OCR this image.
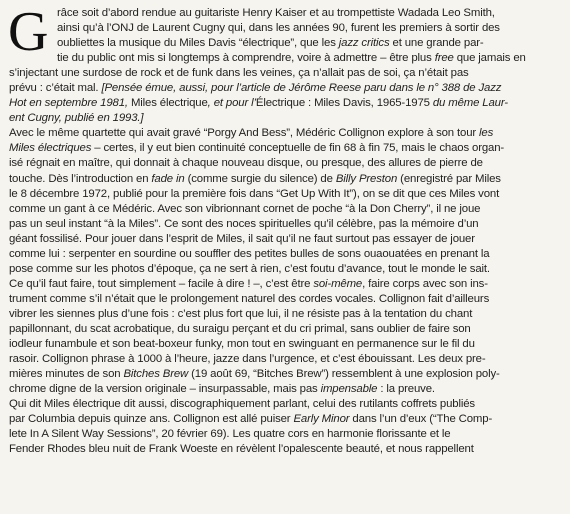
G râce soit d’abord rendue au guitariste Henry Kaiser et au trompettiste Wadada Leo Smith,
ainsi qu’à l’ONJ de Laurent Cugny qui, dans les années 90, furent les premiers à sortir des
oubliettes la musique du Miles Davis “électrique”, que les jazz critics et une grande par-
tie du public ont mis si longtemps à comprendre, voire à admettre – être plus free que jamais en
s’injectant une surdose de rock et de funk dans les veines, ça n’allait pas de soi, ça n’était pas
prévu : c’était mal. [Pensée émue, aussi, pour l’article de Jérôme Reese paru dans le n° 388 de Jazz
Hot en septembre 1981, Miles électrique, et pour l’Électrique : Miles Davis, 1965-1975 du même Laur-
ent Cugny, publié en 1993.]
Avec le même quartette qui avait gravé “Porgy And Bess”, Médéric Collignon explore à son tour les
Miles électriques – certes, il y eut bien continuité conceptuelle de fin 68 à fin 75, mais le chaos organ-
isé régnait en maître, qui donnait à chaque nouveau disque, ou presque, des allures de pierre de
touche. Dès l’introduction en fade in (comme surgie du silence) de Billy Preston (enregistré par Miles
le 8 décembre 1972, publié pour la première fois dans “Get Up With It”), on se dit que ces Miles vont
comme un gant à ce Médéric. Avec son vibrionnant cornet de poche “à la Don Cherry”, il ne joue
pas un seul instant “à la Miles”. Ce sont des noces spirituelles qu’il célèbre, pas la mémoire d’un
géant fossilisé. Pour jouer dans l’esprit de Miles, il sait qu’il ne faut surtout pas essayer de jouer
comme lui : serpenter en sourdine ou souffler des petites bulles de sons ouaouatées en prenant la
pose comme sur les photos d’époque, ça ne sert à rien, c’est foutu d’avance, tout le monde le sait.
Ce qu’il faut faire, tout simplement – facile à dire ! –, c’est être soi-même, faire corps avec son ins-
trument comme s’il n’était que le prolongement naturel des cordes vocales. Collignon fait d’ailleurs
vibrer les siennes plus d’une fois : c’est plus fort que lui, il ne résiste pas à la tentation du chant
papillonnant, du scat acrobatique, du suraigu perçant et du cri primal, sans oublier de faire son
iodleur funambule et son beat-boxeur funky, mon tout en swinguant en permanence sur le fil du
rasoir. Collignon phrase à 1000 à l’heure, jazze dans l’urgence, et c’est ébouissant. Les deux pre-
mières minutes de son Bitches Brew (19 août 69, “Bitches Brew”) ressemblent à une explosion poly-
chrome digne de la version originale – insurpassable, mais pas impensable : la preuve.
Qui dit Miles électrique dit aussi, discographiquement parlant, celui des rutilants coffrets publiés
par Columbia depuis quinze ans. Collignon est allé puiser Early Minor dans l’un d’eux (“The Comp-
lete In A Silent Way Sessions”, 20 février 69). Les quatre cors en harmonie florissante et le
Fender Rhodes bleu nuit de Frank Woeste en révèlent l’opalescente beauté, et nous rappellent
